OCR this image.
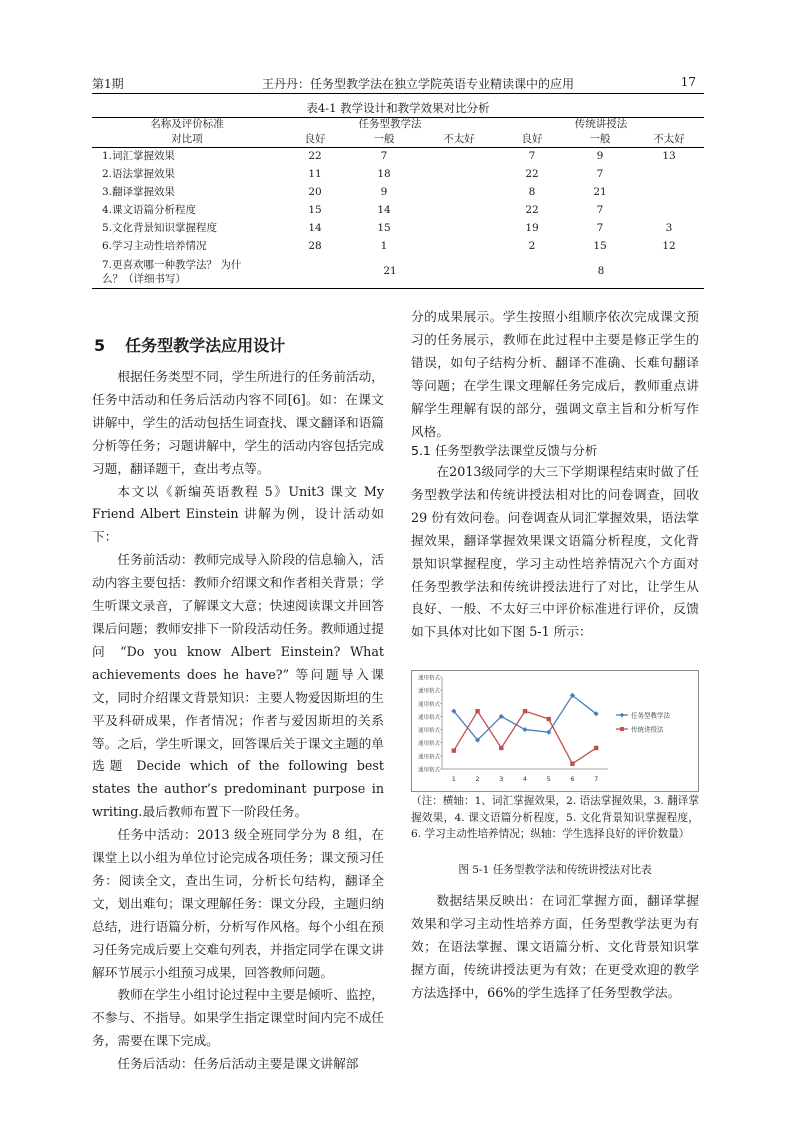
第1期	王丹丹：任务型教学法在独立学院英语专业精读课中的应用	17
表4-1 教学设计和教学效果对比分析
名称及评价标准	任务型教学法			传统讲授法		
对比项	良好	一般	不太好	良好	一般	不太好
1.词汇掌握效果	22	7		7	9	13
2.语法掌握效果	11	18		22	7	
3.翻译掌握效果	20	9		8	21	
4.课文语篇分析程度	15	14		22	7	
5.文化背景知识掌握程度	14	15		19	7	3
6.学习主动性培养情况	28	1		2	15	12
7.更喜欢哪一种教学法？ 为什
么？（详细书写）	21			8		
5 任务型教学法应用设计

根据任务类型不同，学生所进行的任务前活动，任务中活动和任务后活动内容不同[6]。如：在课文讲解中，学生的活动包括生词查找、课文翻译和语篇分析等任务；习题讲解中，学生的活动内容包括完成习题，翻译题干，查出考点等。

本文以《新编英语教程 5》Unit3 课文 My Friend Albert Einstein 讲解为例，设计活动如下：

任务前活动：教师完成导入阶段的信息输入，活动内容主要包括：教师介绍课文和作者相关背景；学生听课文录音，了解课文大意；快速阅读课文并回答课后问题；教师安排下一阶段活动任务。教师通过提问 “Do you know Albert Einstein? What achievements does he have?” 等问题导入课文，同时介绍课文背景知识：主要人物爱因斯坦的生平及科研成果，作者情况；作者与爱因斯坦的关系等。之后，学生听课文，回答课后关于课文主题的单选题 Decide which of the following best states the author’s predominant purpose in writing.最后教师布置下一阶段任务。

任务中活动：2013 级全班同学分为 8 组，在课堂上以小组为单位讨论完成各项任务；课文预习任务：阅读全文，查出生词，分析长句结构，翻译全文，划出难句；课文理解任务：课文分段，主题归纳总结，进行语篇分析，分析写作风格。每个小组在预习任务完成后要上交难句列表，并指定同学在课文讲解环节展示小组预习成果，回答教师问题。

教师在学生小组讨论过程中主要是倾听、监控，不参与、不指导。如果学生指定课堂时间内完不成任务，需要在课下完成。

任务后活动：任务后活动主要是课文讲解部

分的成果展示。学生按照小组顺序依次完成课文预习的任务展示，教师在此过程中主要是修正学生的错误，如句子结构分析、翻译不准确、长难句翻译等问题；在学生课文理解任务完成后，教师重点讲解学生理解有误的部分，强调文章主旨和分析写作风格。

5.1 任务型教学法课堂反馈与分析

在2013级同学的大三下学期课程结束时做了任务型教学法和传统讲授法相对比的问卷调查，回收 29 份有效问卷。问卷调查从词汇掌握效果，语法掌握效果，翻译掌握效果课文语篇分析程度，文化背景知识掌握程度，学习主动性培养情况六个方面对任务型教学法和传统讲授法进行了对比，让学生从良好、一般、不太好三中评价标准进行评价，反馈如下具体对比如下图 5-1 所示：

通用格式
通用格式
通用格式
通用格式
通用格式
通用格式
通用格式
通用格式
1	2	3	4	5	6	7
任务型教学法
传统讲授法
（注：横轴：1、词汇掌握效果，2. 语法掌握效果，3. 翻译掌握效果，4. 课文语篇分析程度，5. 文化背景知识掌握程度，6. 学习主动性培养情况；纵轴：学生选择良好的评价数量）
图 5-1 任务型教学法和传统讲授法对比表

数据结果反映出：在词汇掌握方面，翻译掌握效果和学习主动性培养方面，任务型教学法更为有效；在语法掌握、课文语篇分析、文化背景知识掌握方面，传统讲授法更为有效；在更受欢迎的教学方法选择中，66%的学生选择了任务型教学法。
